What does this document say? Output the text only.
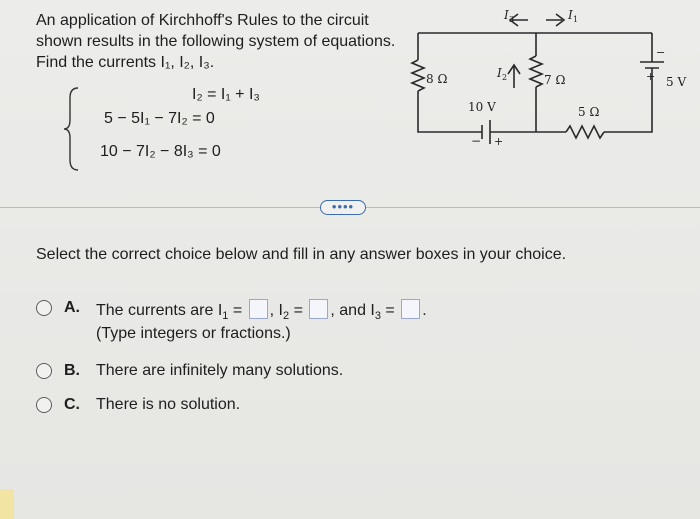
An application of Kirchhoff's Rules to the circuit shown results in the following system of equations. Find the currents I₁, I₂, I₃.
I₂ = I₁ + I₃
5 − 5I₁ − 7I₂ = 0
10 − 7I₂ − 8I₃ = 0
8 Ω	7 Ω
5 Ω
10 V
5 V
I 2
I 3	I 1
− +
−
+
••••
Select the correct choice below and fill in any answer boxes in your choice.
A. The currents are $I_1$ = , $I_2$ = , and $I_3$ = .
(Type integers or fractions.)
B. There are infinitely many solutions.
C. There is no solution.
